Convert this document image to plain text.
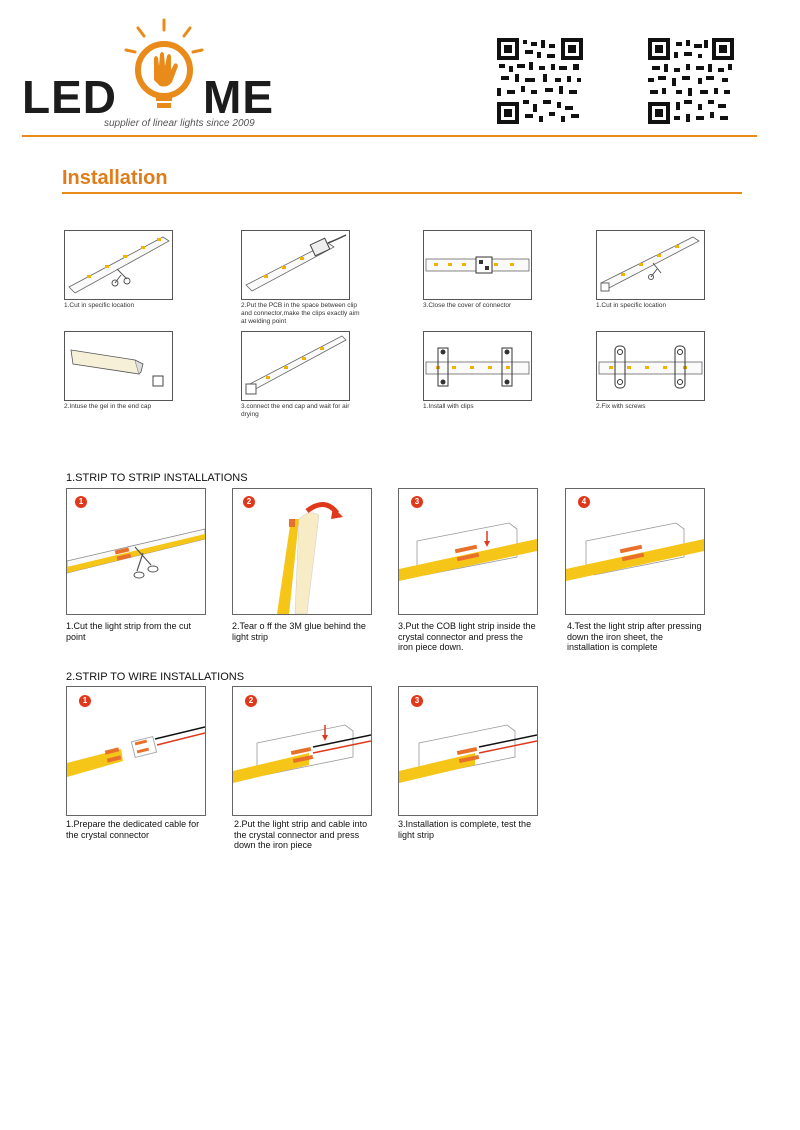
LED ME
supplier of linear lights since 2009
Installation
1.Cut in specific location	2.Put the PCB in the space between clip and connector,make the clips exactly aim at welding point
3.Close the cover of connector	1.Cut in specific location
2.Intuse the gel in the end cap	3.connect the end cap and wait for air drying
1.Install with clips	2.Fix with screws
1.STRIP TO STRIP INSTALLATIONS
1
1.Cut the light strip from the cut point
2
2.Tear o ff the 3M glue behind the light strip
3
3.Put the COB light strip inside the crystal connector and press the iron piece down.
4
4.Test the light strip after pressing down the iron sheet, the installation is complete
2.STRIP TO WIRE INSTALLATIONS
1
1.Prepare the dedicated cable for the crystal connector
2
2.Put the light strip and cable into the crystal connector and press down the iron piece
3
3.Installation is complete, test the light strip
